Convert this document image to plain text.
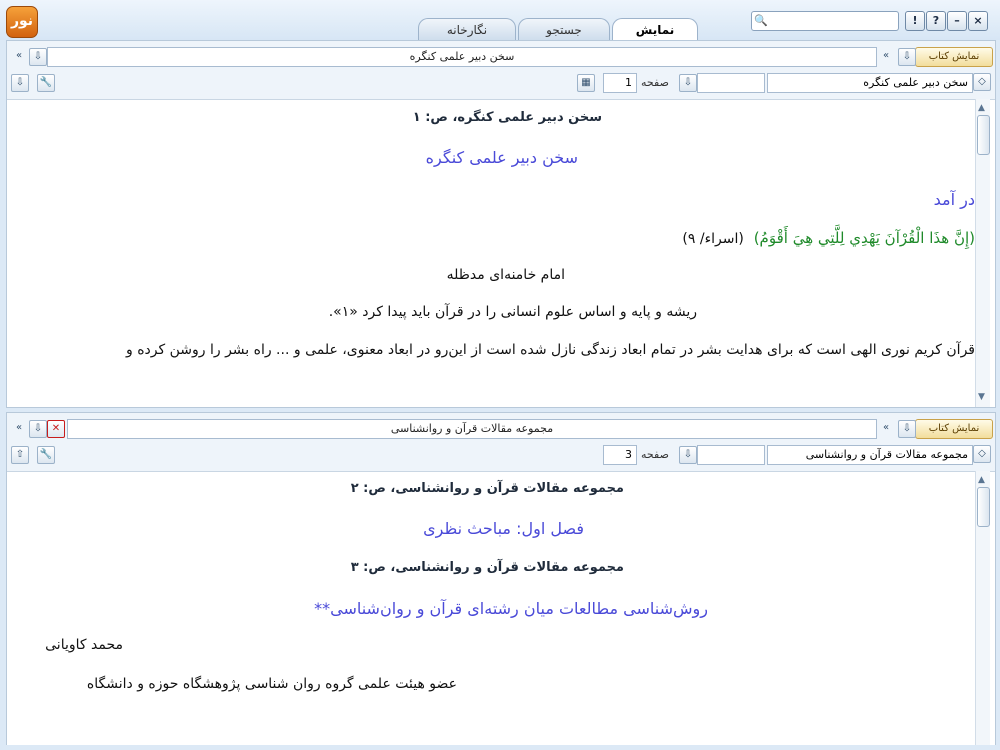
نور
نمایش
جستجو
نگارخانه
🔍	!	?	–	×
نمایش کتاب
⇩
«
سخن دبیر علمی کنگره
⇩
«
◇
سخن دبیر علمی کنگره
⇩
صفحه
1
▦
⇩	🔧
سخن دبیر علمی کنگره، ص: ۱
سخن دبیر علمی کنگره
در آمد
(إِنَّ هذَا الْقُرْآنَ يَهْدِي لِلَّتِي هِيَ أَقْوَمُ) (اسراء/ ۹)
امام خامنه‌ای مدظله
ریشه و پایه و اساس علوم انسانی را در قرآن باید پیدا کرد «۱».
قرآن کریم نوری الهی است که برای هدایت بشر در تمام ابعاد زندگی نازل شده است از این‌رو در ابعاد معنوی، علمی و ... راه بشر را روشن کرده و
▲
▼
نمایش کتاب
⇩
«
مجموعه مقالات قرآن و روانشناسی
✕
⇩
«
◇
مجموعه مقالات قرآن و روانشناسی
⇩
صفحه
3
⇧	🔧
مجموعه مقالات قرآن و روانشناسی، ص: ۲
فصل اول: مباحث نظری
مجموعه مقالات قرآن و روانشناسی، ص: ۳
روش‌شناسی مطالعات میان رشته‌ای قرآن و روان‌شناسی**
محمد کاویانی
عضو هیئت علمی گروه روان شناسی پژوهشگاه حوزه و دانشگاه
▲
